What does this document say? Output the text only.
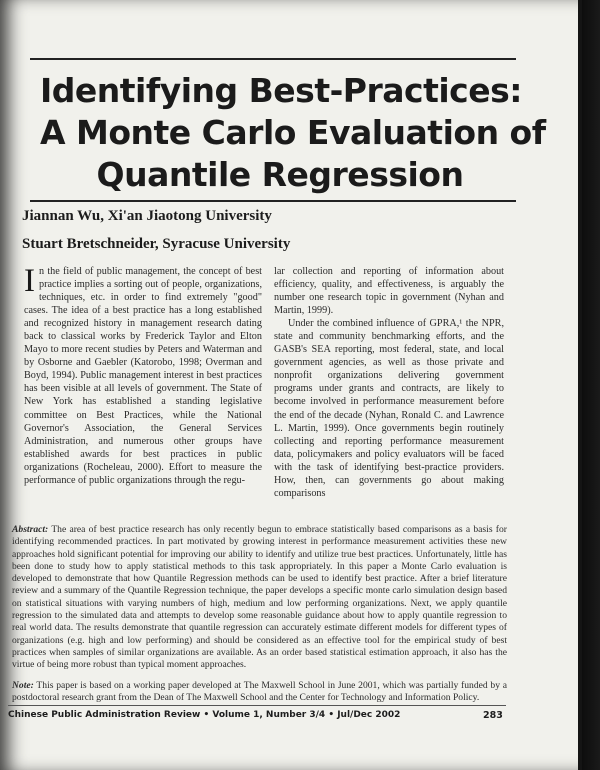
Identifying Best-Practices:
A Monte Carlo Evaluation of
Quantile Regression
Jiannan Wu, Xi'an Jiaotong University
Stuart Bretschneider, Syracuse University

In the field of public management, the concept of best practice implies a sorting out of people, organizations, techniques, etc. in order to find extremely "good" cases. The idea of a best practice has a long established and recognized history in management research dating back to classical works by Frederick Taylor and Elton Mayo to more recent studies by Peters and Waterman and by Osborne and Gaebler (Katorobo, 1998; Overman and Boyd, 1994). Public management interest in best practices has been visible at all levels of government. The State of New York has established a standing legislative committee on Best Practices, while the National Governor's Association, the General Services Administration, and numerous other groups have established awards for best practices in public organizations (Rocheleau, 2000). Effort to measure the performance of public organizations through the regu-

lar collection and reporting of information about efficiency, quality, and effectiveness, is arguably the number one research topic in government (Nyhan and Martin, 1999).

Under the combined influence of GPRA,¹ the NPR, state and community benchmarking efforts, and the GASB's SEA reporting, most federal, state, and local government agencies, as well as those private and nonprofit organizations delivering government programs under grants and contracts, are likely to become involved in performance measurement before the end of the decade (Nyhan, Ronald C. and Lawrence L. Martin, 1999). Once governments begin routinely collecting and reporting performance measurement data, policymakers and policy evaluators will be faced with the task of identifying best-practice providers. How, then, can governments go about making comparisons

Abstract: The area of best practice research has only recently begun to embrace statistically based comparisons as a basis for identifying recommended practices. In part motivated by growing interest in performance measurement activities these new approaches hold significant potential for improving our ability to identify and utilize true best practices. Unfortunately, little has been done to study how to apply statistical methods to this task appropriately. In this paper a Monte Carlo evaluation is developed to demonstrate that how Quantile Regression methods can be used to identify best practice. After a brief literature review and a summary of the Quantile Regression technique, the paper develops a specific monte carlo simulation design based on statistical situations with varying numbers of high, medium and low performing organizations. Next, we apply quantile regression to the simulated data and attempts to develop some reasonable guidance about how to apply quantile regression to real world data. The results demonstrate that quantile regression can accurately estimate different models for different types of organizations (e.g. high and low performing) and should be considered as an effective tool for the empirical study of best practices when samples of similar organizations are available. As an order based statistical estimation approach, it also has the virtue of being more robust than typical moment approaches.
Note: This paper is based on a working paper developed at The Maxwell School in June 2001, which was partially funded by a postdoctoral research grant from the Dean of The Maxwell School and the Center for Technology and Information Policy.
Chinese Public Administration Review • Volume 1, Number 3/4 • Jul/Dec 2002	283
